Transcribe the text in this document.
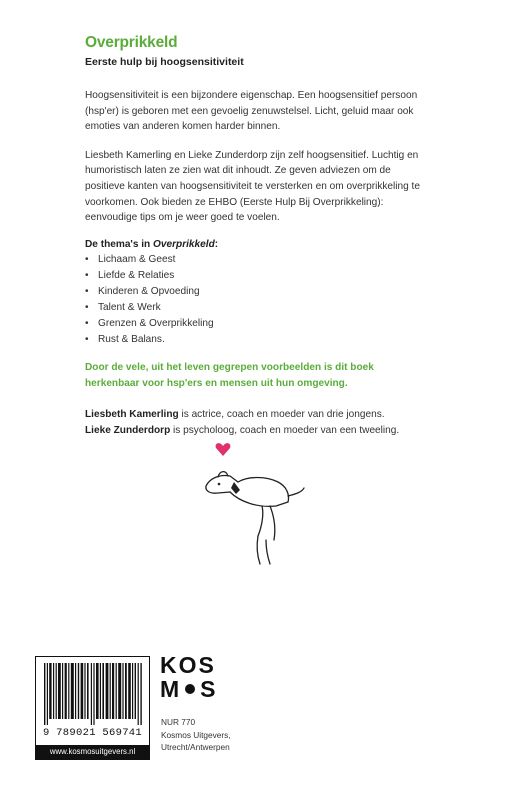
Overprikkeld
Eerste hulp bij hoogsensitiviteit

Hoogsensitiviteit is een bijzondere eigenschap. Een hoogsensitief persoon (hsp'er) is geboren met een gevoelig zenuwstelsel. Licht, geluid maar ook emoties van anderen komen harder binnen.

Liesbeth Kamerling en Lieke Zunderdorp zijn zelf hoogsensitief. Luchtig en humoristisch laten ze zien wat dit inhoudt. Ze geven adviezen om de positieve kanten van hoogsensitiviteit te versterken en om overprikkeling te voorkomen. Ook bieden ze EHBO (Eerste Hulp Bij Overprikkeling): eenvoudige tips om je weer goed te voelen.

De thema's in Overprikkeld:
• Lichaam & Geest
• Liefde & Relaties
• Kinderen & Opvoeding
• Talent & Werk
• Grenzen & Overprikkeling
• Rust & Balans.

Door de vele, uit het leven gegrepen voorbeelden is dit boek herkenbaar voor hsp'ers en mensen uit hun omgeving.

Liesbeth Kamerling is actrice, coach en moeder van drie jongens.

Lieke Zunderdorp is psycholoog, coach en moeder van een tweeling.

9 789021 569741
www.kosmosuitgevers.nl
KOS
M S
NUR 770
Kosmos Uitgevers,
Utrecht/Antwerpen
